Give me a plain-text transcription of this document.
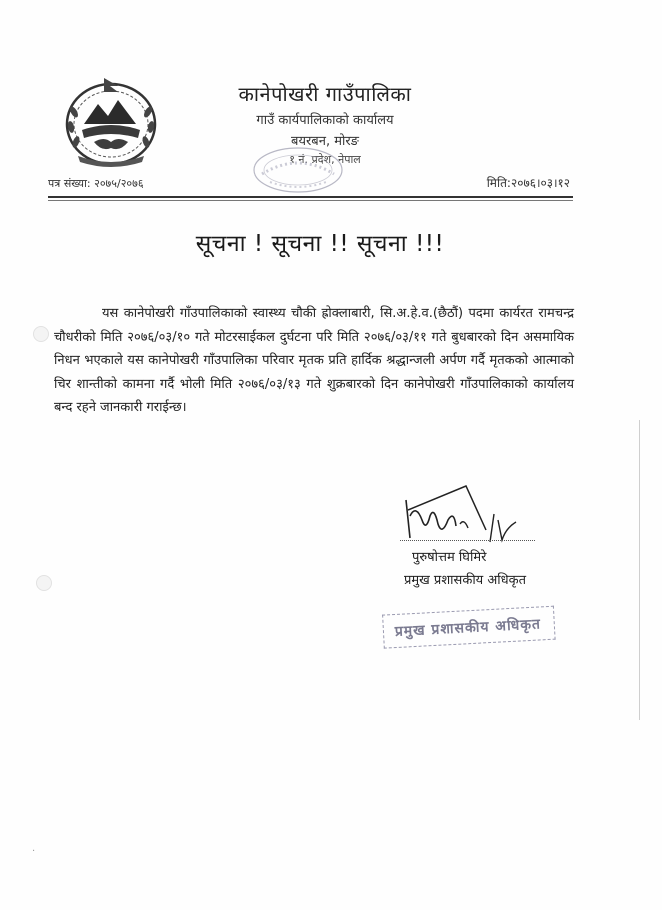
कानेपोखरी गाउँपालिका
गाउँ कार्यपालिकाको कार्यालय
बयरबन, मोरङ
१ नं. प्रदेश, नेपाल
पत्र संख्या: २०७५/२०७६	मिति:२०७६।०३।१२
सूचना ! सूचना !! सूचना !!!
यस कानेपोखरी गाँउपालिकाको स्वास्थ्य चौकी ह्रोक्लाबारी, सि.अ.हे.व.(छैठौं) पदमा कार्यरत रामचन्द्र चौधरीको मिति २०७६/०३/१० गते मोटरसाईकल दुर्घटना परि मिति २०७६/०३/११ गते बुधबारको दिन असमायिक निधन भएकाले यस कानेपोखरी गाँउपालिका परिवार मृतक प्रति हार्दिक श्रद्धान्जली अर्पण गर्दै मृतकको आत्माको चिर शान्तीको कामना गर्दै भोली मिति २०७६/०३/१३ गते शुक्रबारको दिन कानेपोखरी गाँउपालिकाको कार्यालय बन्द रहने जानकारी गराईन्छ।
पुरुषोत्तम घिमिरे
प्रमुख प्रशासकीय अधिकृत
प्रमुख प्रशासकीय अधिकृत
·
